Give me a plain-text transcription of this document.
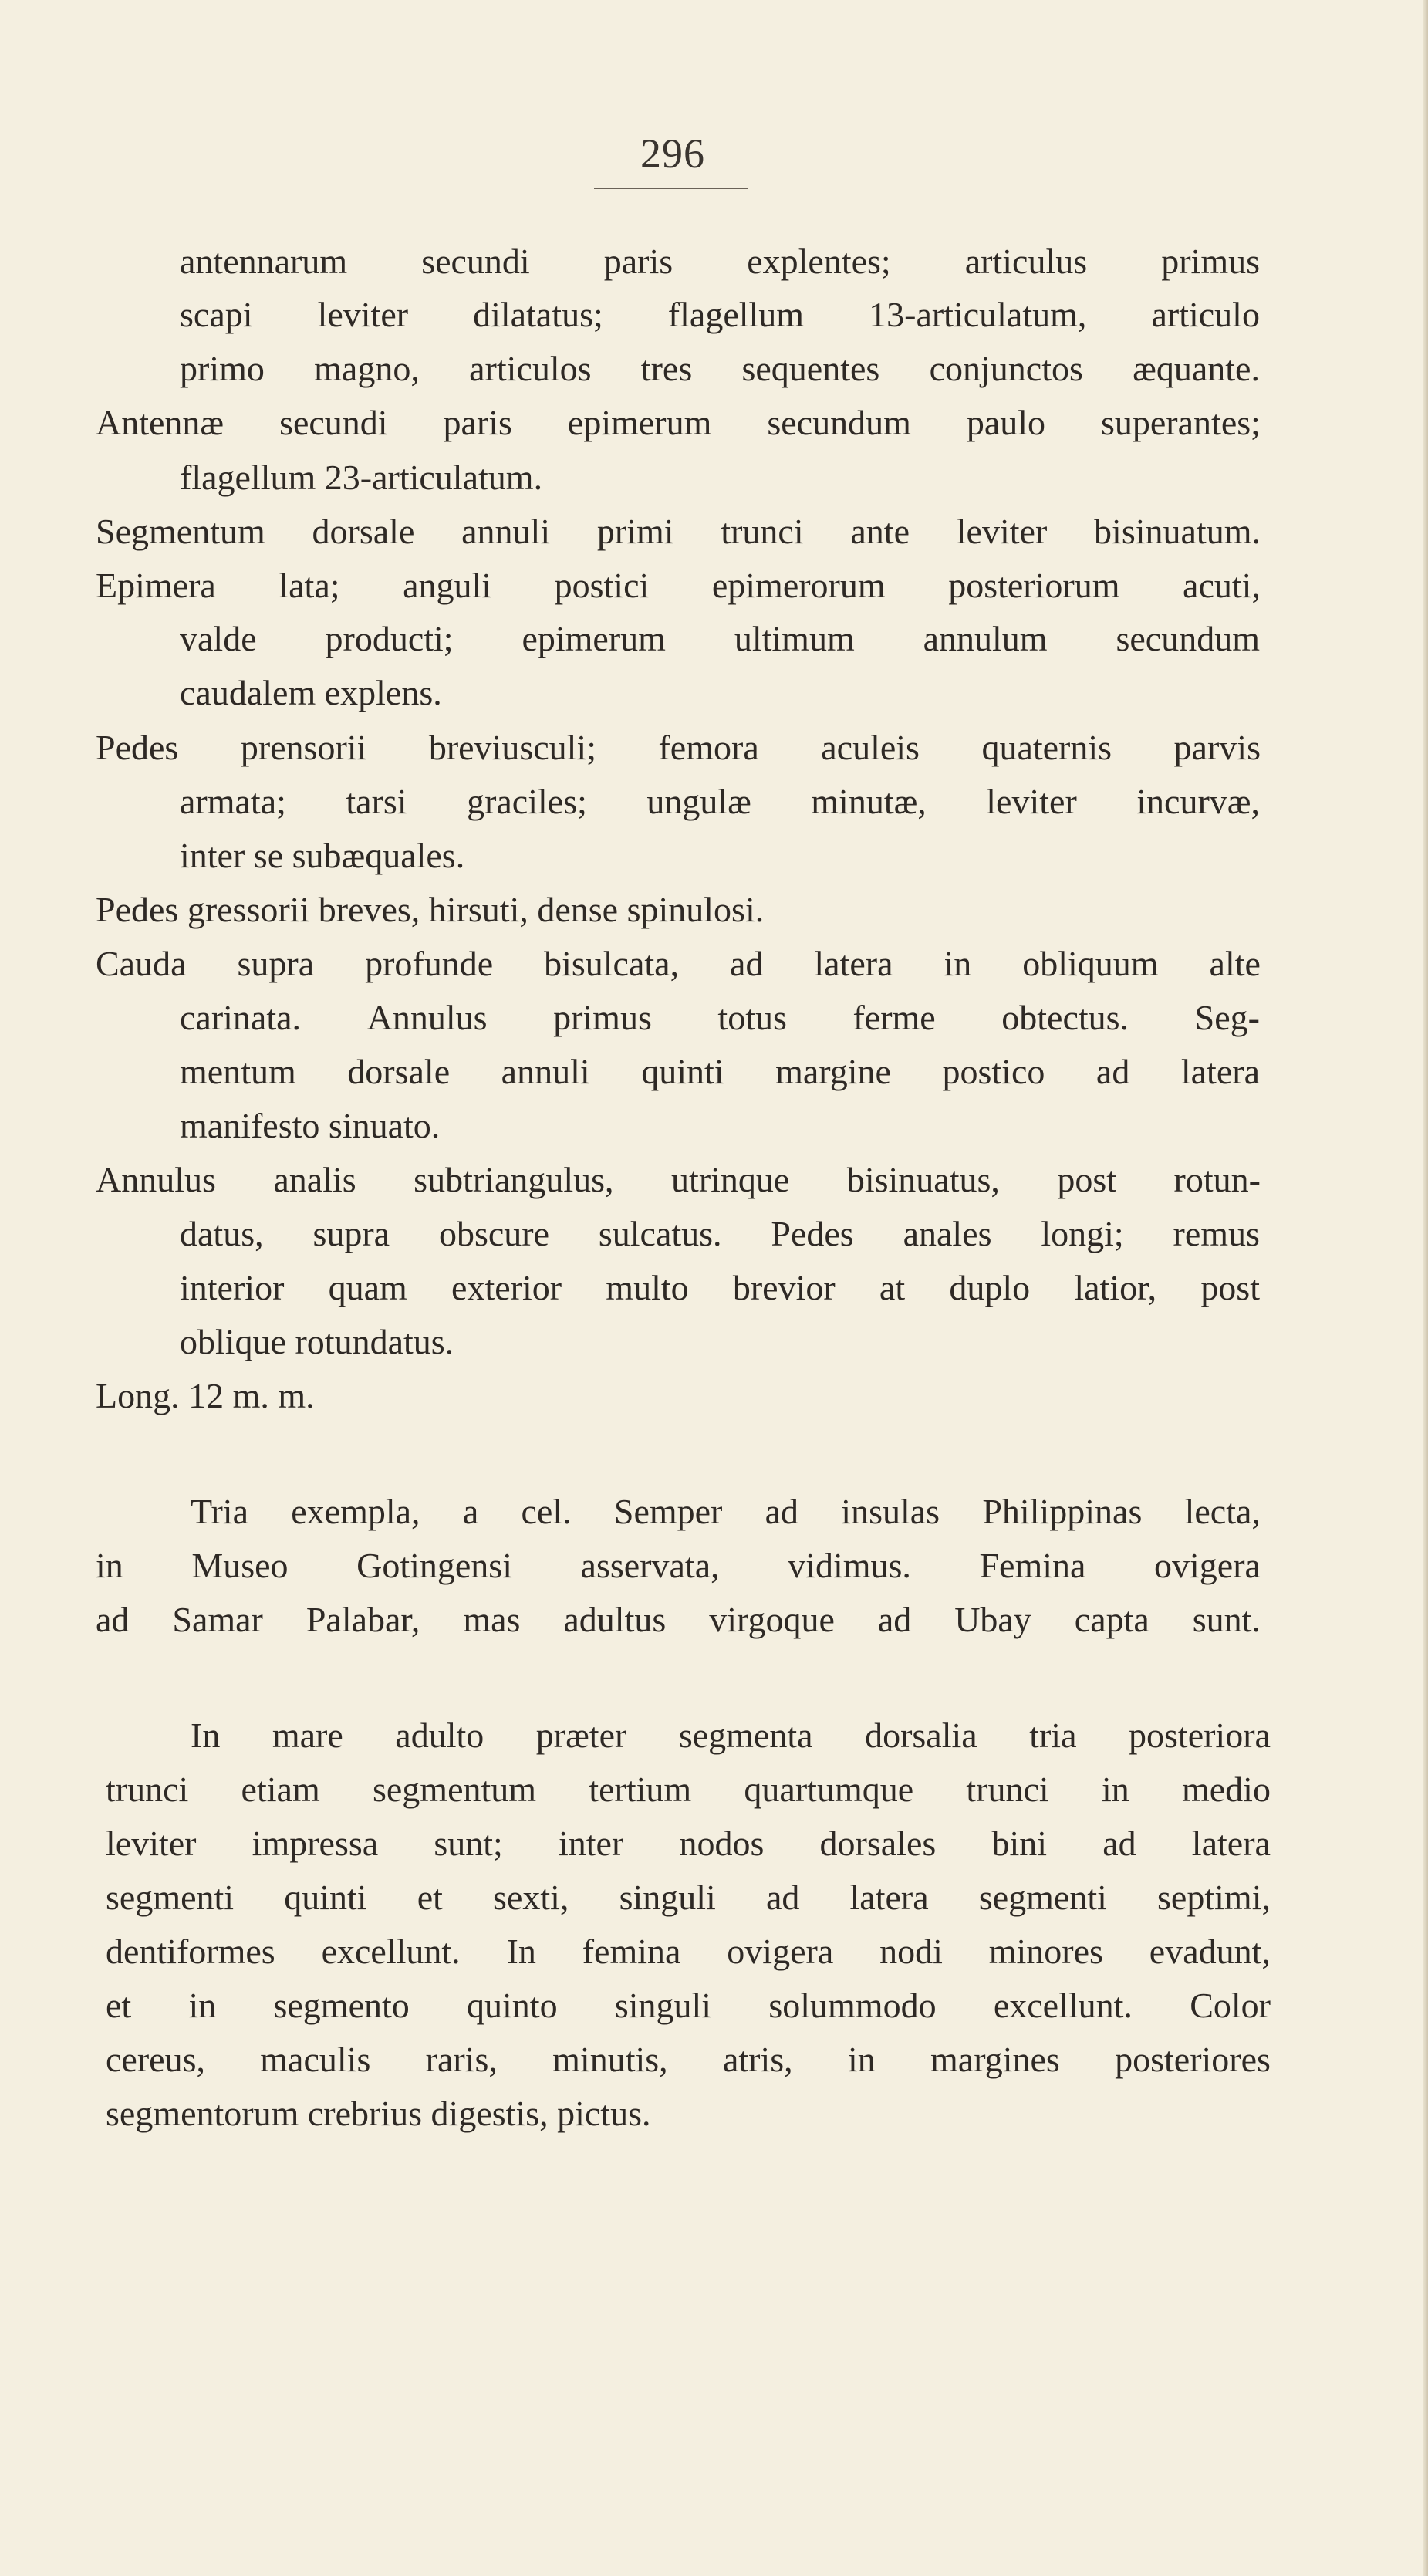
296
antennarum secundi paris explentes; articulus primus
scapi leviter dilatatus; flagellum 13-articulatum, articulo
primo magno, articulos tres sequentes conjunctos æquante.
Antennæ secundi paris epimerum secundum paulo superantes;
flagellum 23-articulatum.
Segmentum dorsale annuli primi trunci ante leviter bisinuatum.
Epimera lata; anguli postici epimerorum posteriorum acuti,
valde producti; epimerum ultimum annulum secundum
caudalem explens.
Pedes prensorii breviusculi; femora aculeis quaternis parvis
armata; tarsi graciles; ungulæ minutæ, leviter incurvæ,
inter se subæquales.
Pedes gressorii breves, hirsuti, dense spinulosi.
Cauda supra profunde bisulcata, ad latera in obliquum alte
carinata. Annulus primus totus ferme obtectus. Seg-
mentum dorsale annuli quinti margine postico ad latera
manifesto sinuato.
Annulus analis subtriangulus, utrinque bisinuatus, post rotun-
datus, supra obscure sulcatus. Pedes anales longi; remus
interior quam exterior multo brevior at duplo latior, post
oblique rotundatus.
Long. 12 m. m.
Tria exempla, a cel. Semper ad insulas Philippinas lecta,
in Museo Gotingensi asservata, vidimus. Femina ovigera
ad Samar Palabar, mas adultus virgoque ad Ubay capta sunt.
In mare adulto præter segmenta dorsalia tria posteriora
trunci etiam segmentum tertium quartumque trunci in medio
leviter impressa sunt; inter nodos dorsales bini ad latera
segmenti quinti et sexti, singuli ad latera segmenti septimi,
dentiformes excellunt. In femina ovigera nodi minores evadunt,
et in segmento quinto singuli solummodo excellunt. Color
cereus, maculis raris, minutis, atris, in margines posteriores
segmentorum crebrius digestis, pictus.
